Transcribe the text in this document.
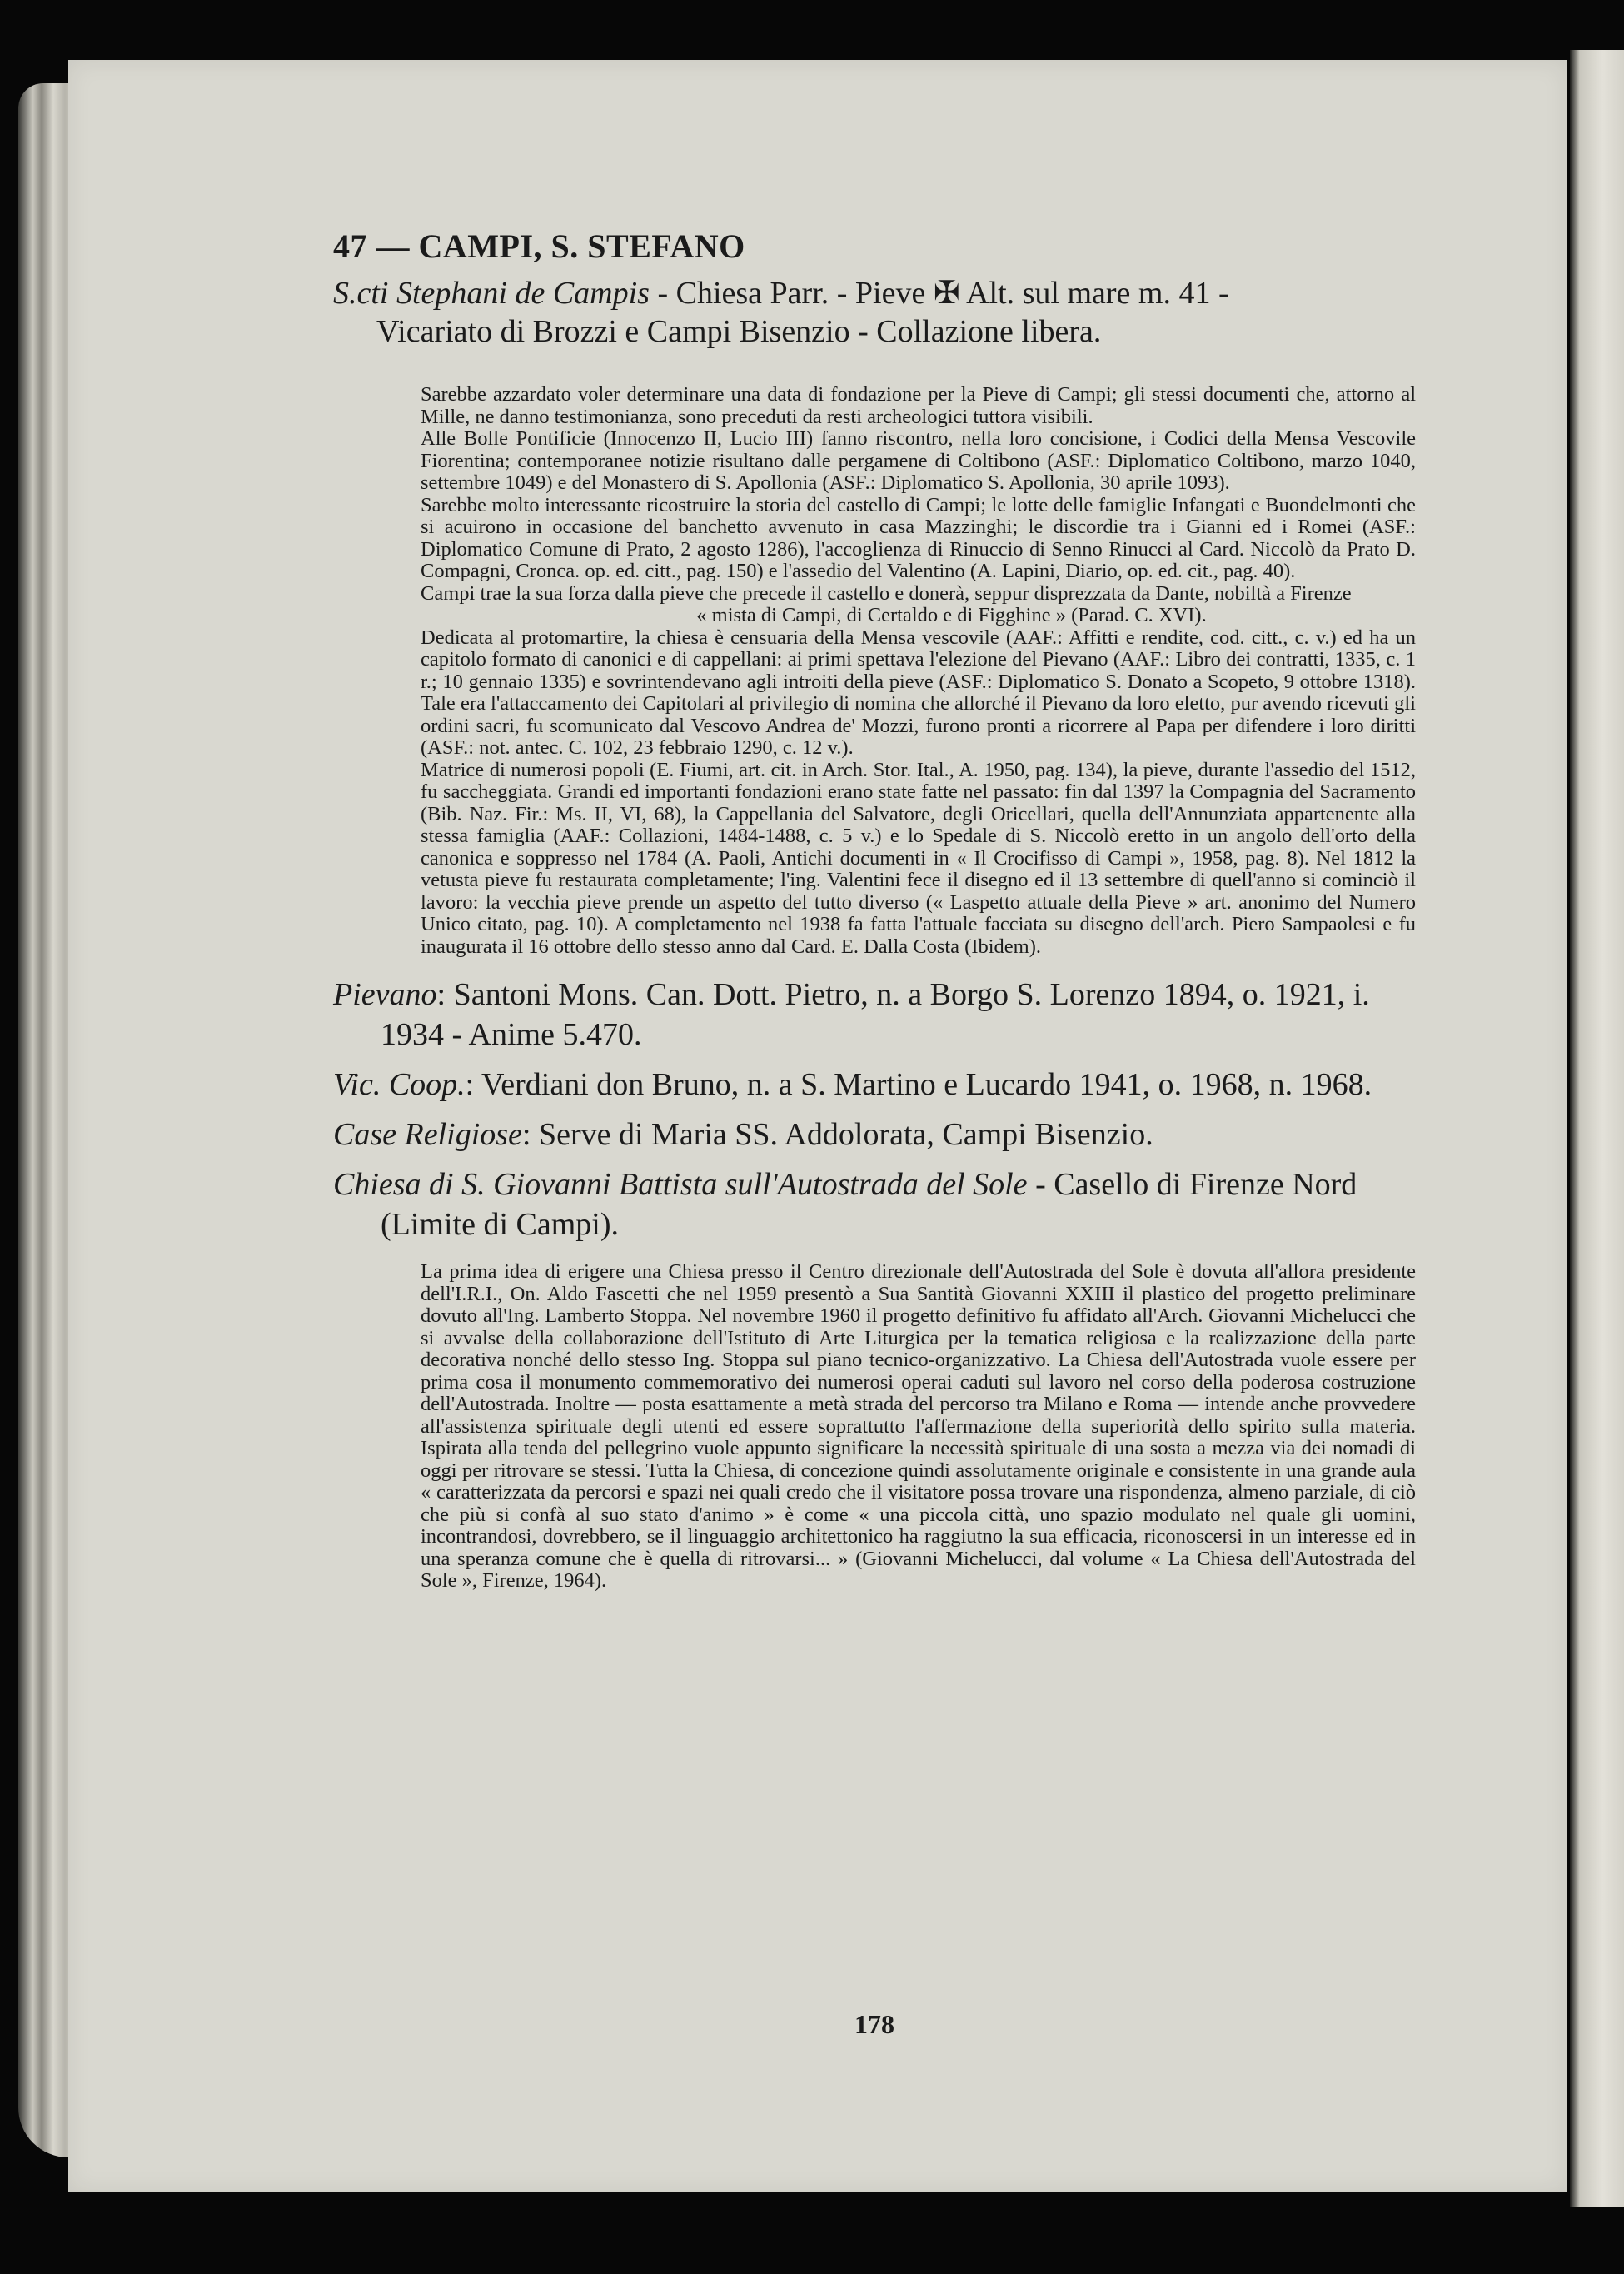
47 — CAMPI, S. STEFANO
S.cti Stephani de Campis - Chiesa Parr. - Pieve ✠ Alt. sul mare m. 41 -
Vicariato di Brozzi e Campi Bisenzio - Collazione libera.

Sarebbe azzardato voler determinare una data di fondazione per la Pieve di Campi; gli stessi documenti che, attorno al Mille, ne danno testimonianza, sono preceduti da resti archeologici tuttora visibili.

Alle Bolle Pontificie (Innocenzo II, Lucio III) fanno riscontro, nella loro concisione, i Codici della Mensa Vescovile Fiorentina; contemporanee notizie risultano dalle pergamene di Coltibono (ASF.: Diplomatico Coltibono, marzo 1040, settembre 1049) e del Monastero di S. Apollonia (ASF.: Diplomatico S. Apollonia, 30 aprile 1093).

Sarebbe molto interessante ricostruire la storia del castello di Campi; le lotte delle famiglie Infangati e Buondelmonti che si acuirono in occasione del banchetto avvenuto in casa Mazzinghi; le discordie tra i Gianni ed i Romei (ASF.: Diplomatico Comune di Prato, 2 agosto 1286), l'accoglienza di Rinuccio di Senno Rinucci al Card. Niccolò da Prato D. Compagni, Cronca. op. ed. citt., pag. 150) e l'assedio del Valentino (A. Lapini, Diario, op. ed. cit., pag. 40).

Campi trae la sua forza dalla pieve che precede il castello e donerà, seppur disprezzata da Dante, nobiltà a Firenze

« mista di Campi, di Certaldo e di Figghine » (Parad. C. XVI).

Dedicata al protomartire, la chiesa è censuaria della Mensa vescovile (AAF.: Affitti e rendite, cod. citt., c. v.) ed ha un capitolo formato di canonici e di cappellani: ai primi spettava l'elezione del Pievano (AAF.: Libro dei contratti, 1335, c. 1 r.; 10 gennaio 1335) e sovrintendevano agli introiti della pieve (ASF.: Diplomatico S. Donato a Scopeto, 9 ottobre 1318). Tale era l'attaccamento dei Capitolari al privilegio di nomina che allorché il Pievano da loro eletto, pur avendo ricevuti gli ordini sacri, fu scomunicato dal Vescovo Andrea de' Mozzi, furono pronti a ricorrere al Papa per difendere i loro diritti (ASF.: not. antec. C. 102, 23 febbraio 1290, c. 12 v.).

Matrice di numerosi popoli (E. Fiumi, art. cit. in Arch. Stor. Ital., A. 1950, pag. 134), la pieve, durante l'assedio del 1512, fu saccheggiata. Grandi ed importanti fondazioni erano state fatte nel passato: fin dal 1397 la Compagnia del Sacramento (Bib. Naz. Fir.: Ms. II, VI, 68), la Cappellania del Salvatore, degli Oricellari, quella dell'Annunziata appartenente alla stessa famiglia (AAF.: Collazioni, 1484-1488, c. 5 v.) e lo Spedale di S. Niccolò eretto in un angolo dell'orto della canonica e soppresso nel 1784 (A. Paoli, Antichi documenti in « Il Crocifisso di Campi », 1958, pag. 8). Nel 1812 la vetusta pieve fu restaurata completamente; l'ing. Valentini fece il disegno ed il 13 settembre di quell'anno si cominciò il lavoro: la vecchia pieve prende un aspetto del tutto diverso (« Laspetto attuale della Pieve » art. anonimo del Numero Unico citato, pag. 10). A completamento nel 1938 fa fatta l'attuale facciata su disegno dell'arch. Piero Sampaolesi e fu inaugurata il 16 ottobre dello stesso anno dal Card. E. Dalla Costa (Ibidem).

Pievano: Santoni Mons. Can. Dott. Pietro, n. a Borgo S. Lorenzo 1894, o. 1921, i. 1934 - Anime 5.470.
Vic. Coop.: Verdiani don Bruno, n. a S. Martino e Lucardo 1941, o. 1968, n. 1968.
Case Religiose: Serve di Maria SS. Addolorata, Campi Bisenzio.
Chiesa di S. Giovanni Battista sull'Autostrada del Sole - Casello di Firenze Nord (Limite di Campi).

La prima idea di erigere una Chiesa presso il Centro direzionale dell'Autostrada del Sole è dovuta all'allora presidente dell'I.R.I., On. Aldo Fascetti che nel 1959 presentò a Sua Santità Giovanni XXIII il plastico del progetto preliminare dovuto all'Ing. Lamberto Stoppa. Nel novembre 1960 il progetto definitivo fu affidato all'Arch. Giovanni Michelucci che si avvalse della collaborazione dell'Istituto di Arte Liturgica per la tematica religiosa e la realizzazione della parte decorativa nonché dello stesso Ing. Stoppa sul piano tecnico-organizzativo. La Chiesa dell'Autostrada vuole essere per prima cosa il monumento commemorativo dei numerosi operai caduti sul lavoro nel corso della poderosa costruzione dell'Autostrada. Inoltre — posta esattamente a metà strada del percorso tra Milano e Roma — intende anche provvedere all'assistenza spirituale degli utenti ed essere soprattutto l'affermazione della superiorità dello spirito sulla materia. Ispirata alla tenda del pellegrino vuole appunto significare la necessità spirituale di una sosta a mezza via dei nomadi di oggi per ritrovare se stessi. Tutta la Chiesa, di concezione quindi assolutamente originale e consistente in una grande aula « caratterizzata da percorsi e spazi nei quali credo che il visitatore possa trovare una rispondenza, almeno parziale, di ciò che più si confà al suo stato d'animo » è come « una piccola città, uno spazio modulato nel quale gli uomini, incontrandosi, dovrebbero, se il linguaggio architettonico ha raggiutno la sua efficacia, riconoscersi in un interesse ed in una speranza comune che è quella di ritrovarsi... » (Giovanni Michelucci, dal volume « La Chiesa dell'Autostrada del Sole », Firenze, 1964).

178
